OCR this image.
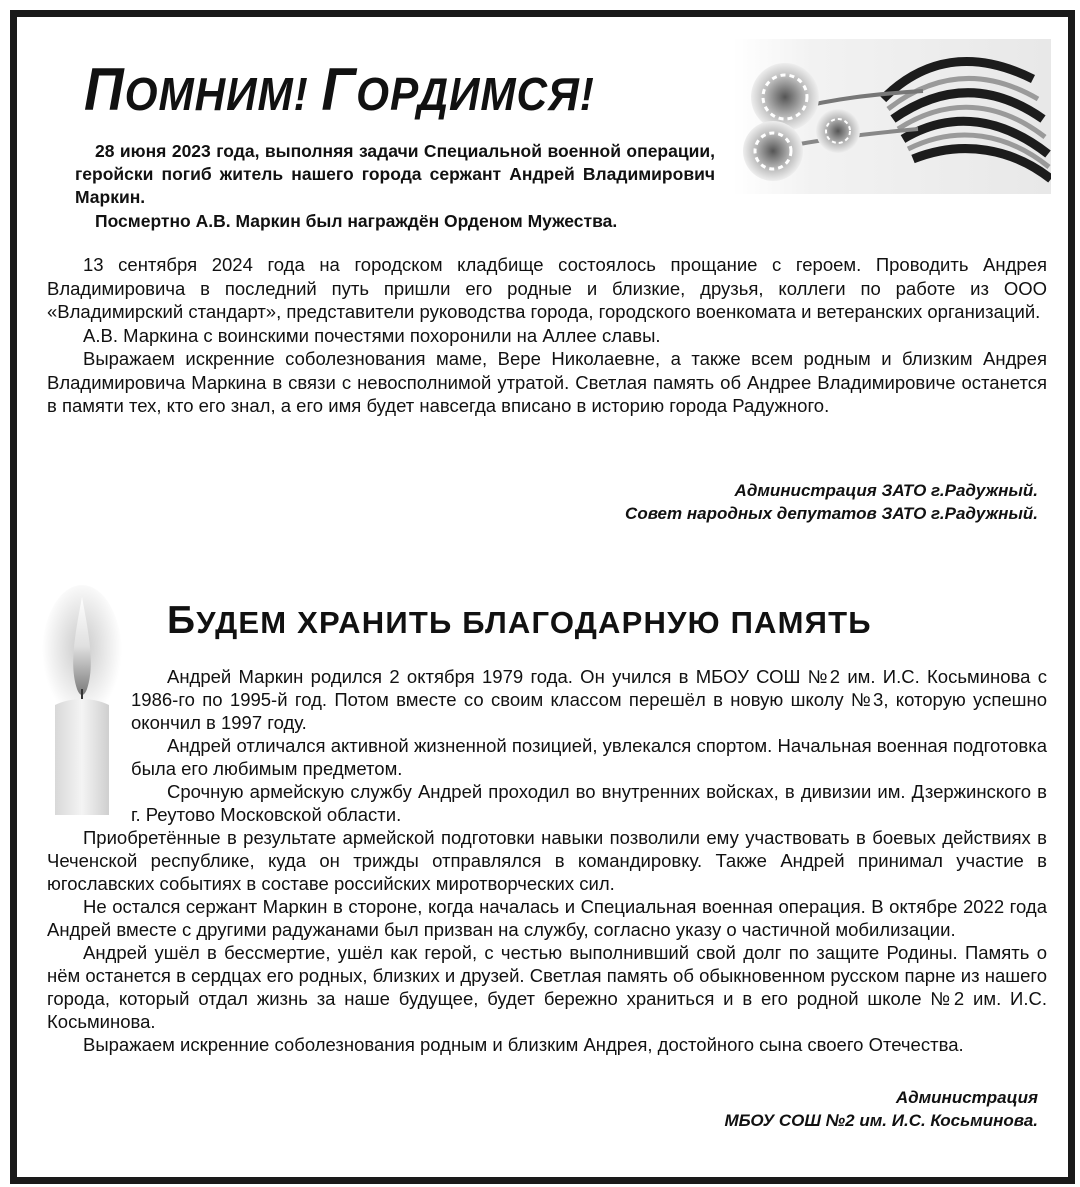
ПОМНИМ! ГОРДИМСЯ!

28 июня 2023 года, выполняя задачи Специальной военной операции, геройски погиб житель нашего города сержант Андрей Владимирович Маркин.

Посмертно А.В. Маркин был награждён Орденом Мужества.

13 сентября 2024 года на городском кладбище состоялось прощание с героем. Проводить Андрея Владимировича в последний путь пришли его родные и близкие, друзья, коллеги по работе из ООО «Владимирский стандарт», представители руководства города, городского военкомата и ветеранских организаций.

А.В. Маркина с воинскими почестями похоронили на Аллее славы.

Выражаем искренние соболезнования маме, Вере Николаевне, а также всем родным и близким Андрея Владимировича Маркина в связи с невосполнимой утратой. Светлая память об Андрее Владимировиче останется в памяти тех, кто его знал, а его имя будет навсегда вписано в историю города Радужного.

Администрация ЗАТО г.Радужный.
Совет народных депутатов ЗАТО г.Радужный.
БУДЕМ ХРАНИТЬ БЛАГОДАРНУЮ ПАМЯТЬ

Андрей Маркин родился 2 октября 1979 года. Он учился в МБОУ СОШ №2 им. И.С. Косьминова с 1986-го по 1995-й год. Потом вместе со своим классом перешёл в новую школу №3, которую успешно окончил в 1997 году.

Андрей отличался активной жизненной позицией, увлекался спортом. Начальная военная подготовка была его любимым предметом.

Срочную армейскую службу Андрей проходил во внутренних войсках, в дивизии им. Дзержинского в г. Реутово Московской области.

Приобретённые в результате армейской подготовки навыки позволили ему участвовать в боевых действиях в Чеченской республике, куда он трижды отправлялся в командировку. Также Андрей принимал участие в югославских событиях в составе российских миротворческих сил.

Не остался сержант Маркин в стороне, когда началась и Специальная военная операция. В октябре 2022 года Андрей вместе с другими радужанами был призван на службу, согласно указу о частичной мобилизации.

Андрей ушёл в бессмертие, ушёл как герой, с честью выполнивший свой долг по защите Родины. Память о нём останется в сердцах его родных, близких и друзей. Светлая память об обыкновенном русском парне из нашего города, который отдал жизнь за наше будущее, будет бережно храниться и в его родной школе №2 им. И.С. Косьминова.

Выражаем искренние соболезнования родным и близким Андрея, достойного сына своего Отечества.

Администрация
МБОУ СОШ №2 им. И.С. Косьминова.
